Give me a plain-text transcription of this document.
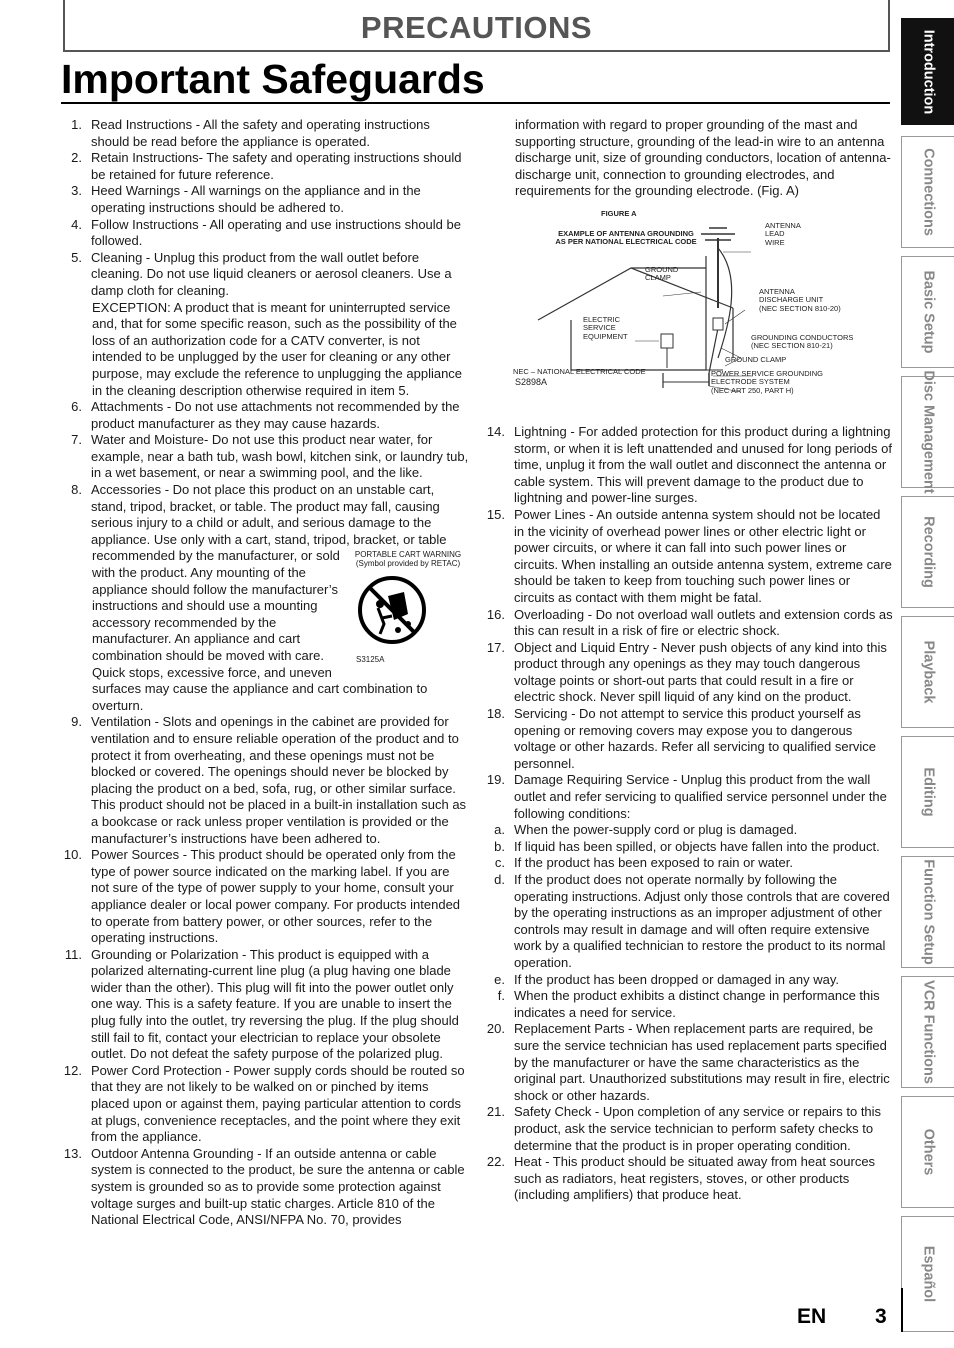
PRECAUTIONS
Important Safeguards
1. Read Instructions - All the safety and operating instructions should be read before the appliance is operated.
2. Retain Instructions- The safety and operating instructions should be retained for future reference.
3. Heed Warnings - All warnings on the appliance and in the operating instructions should be adhered to.
4. Follow Instructions - All operating and use instructions should be followed.
5. Cleaning - Unplug this product from the wall outlet before cleaning. Do not use liquid cleaners or aerosol cleaners. Use a damp cloth for cleaning.
EXCEPTION: A product that is meant for uninterrupted service and, that for some specific reason, such as the possibility of the loss of an authorization code for a CATV converter, is not intended to be unplugged by the user for cleaning or any other purpose, may exclude the reference to unplugging the appliance in the cleaning description otherwise required in item 5.
6. Attachments - Do not use attachments not recommended by the product manufacturer as they may cause hazards.
7. Water and Moisture- Do not use this product near water, for example, near a bath tub, wash bowl, kitchen sink, or laundry tub, in a wet basement, or near a swimming pool, and the like.
8. Accessories - Do not place this product on an unstable cart, stand, tripod, bracket, or table. The product may fall, causing serious injury to a child or adult, and serious damage to the appliance. Use only with a cart, stand, tripod, bracket, or table
PORTABLE CART WARNING
(Symbol provided by RETAC)
S3125A
recommended by the manufacturer, or sold with the product. Any mounting of the appliance should follow the manufacturer’s instructions and should use a mounting accessory recommended by the manufacturer. An appliance and cart combination should be moved with care. Quick stops, excessive force, and uneven surfaces may cause the appliance and cart combination to overturn.
9. Ventilation - Slots and openings in the cabinet are provided for ventilation and to ensure reliable operation of the product and to protect it from overheating, and these openings must not be blocked or covered. The openings should never be blocked by placing the product on a bed, sofa, rug, or other similar surface. This product should not be placed in a built-in installation such as a bookcase or rack unless proper ventilation is provided or the manufacturer’s instructions have been adhered to.
10. Power Sources - This product should be operated only from the type of power source indicated on the marking label. If you are not sure of the type of power supply to your home, consult your appliance dealer or local power company. For products intended to operate from battery power, or other sources, refer to the operating instructions.
11. Grounding or Polarization - This product is equipped with a polarized alternating-current line plug (a plug having one blade wider than the other). This plug will fit into the power outlet only one way. This is a safety feature. If you are unable to insert the plug fully into the outlet, try reversing the plug. If the plug should still fail to fit, contact your electrician to replace your obsolete outlet. Do not defeat the safety purpose of the polarized plug.
12. Power Cord Protection - Power supply cords should be routed so that they are not likely to be walked on or pinched by items placed upon or against them, paying particular attention to cords at plugs, convenience receptacles, and the point where they exit from the appliance.
13. Outdoor Antenna Grounding - If an outside antenna or cable system is connected to the product, be sure the antenna or cable system is grounded so as to provide some protection against voltage surges and built-up static charges. Article 810 of the National Electrical Code, ANSI/NFPA No. 70, provides
information with regard to proper grounding of the mast and supporting structure, grounding of the lead-in wire to an antenna discharge unit, size of grounding conductors, location of antenna-discharge unit, connection to grounding electrodes, and requirements for the grounding electrode. (Fig. A)
FIGURE A
EXAMPLE OF ANTENNA GROUNDING
AS PER NATIONAL ELECTRICAL CODE
ANTENNA
LEAD
WIRE
GROUND
CLAMP
ANTENNA
DISCHARGE UNIT
(NEC SECTION 810-20)
ELECTRIC
SERVICE
EQUIPMENT	GROUNDING CONDUCTORS
(NEC SECTION 810-21)
GROUND CLAMP
NEC – NATIONAL ELECTRICAL CODE
S2898A
POWER SERVICE GROUNDING
ELECTRODE SYSTEM
(NEC ART 250, PART H)
14. Lightning - For added protection for this product during a lightning storm, or when it is left unattended and unused for long periods of time, unplug it from the wall outlet and disconnect the antenna or cable system. This will prevent damage to the product due to lightning and power-line surges.
15. Power Lines - An outside antenna system should not be located in the vicinity of overhead power lines or other electric light or power circuits, or where it can fall into such power lines or circuits. When installing an outside antenna system, extreme care should be taken to keep from touching such power lines or circuits as contact with them might be fatal.
16. Overloading - Do not overload wall outlets and extension cords as this can result in a risk of fire or electric shock.
17. Object and Liquid Entry - Never push objects of any kind into this product through any openings as they may touch dangerous voltage points or short-out parts that could result in a fire or electric shock. Never spill liquid of any kind on the product.
18. Servicing - Do not attempt to service this product yourself as opening or removing covers may expose you to dangerous voltage or other hazards. Refer all servicing to qualified service personnel.
19. Damage Requiring Service - Unplug this product from the wall outlet and refer servicing to qualified service personnel under the following conditions:
a. When the power-supply cord or plug is damaged.
b. If liquid has been spilled, or objects have fallen into the product.
c. If the product has been exposed to rain or water.
d. If the product does not operate normally by following the operating instructions. Adjust only those controls that are covered by the operating instructions as an improper adjustment of other controls may result in damage and will often require extensive work by a qualified technician to restore the product to its normal operation.
e. If the product has been dropped or damaged in any way.
f. When the product exhibits a distinct change in performance this indicates a need for service.
20. Replacement Parts - When replacement parts are required, be sure the service technician has used replacement parts specified by the manufacturer or have the same characteristics as the original part. Unauthorized substitutions may result in fire, electric shock or other hazards.
21. Safety Check - Upon completion of any service or repairs to this product, ask the service technician to perform safety checks to determine that the product is in proper operating condition.
22. Heat - This product should be situated away from heat sources such as radiators, heat registers, stoves, or other products (including amplifiers) that produce heat.
Introduction
Connections
Basic Setup
Disc Management
Recording
Playback
Editing
Function Setup
VCR Functions
Others
Español
EN 3
